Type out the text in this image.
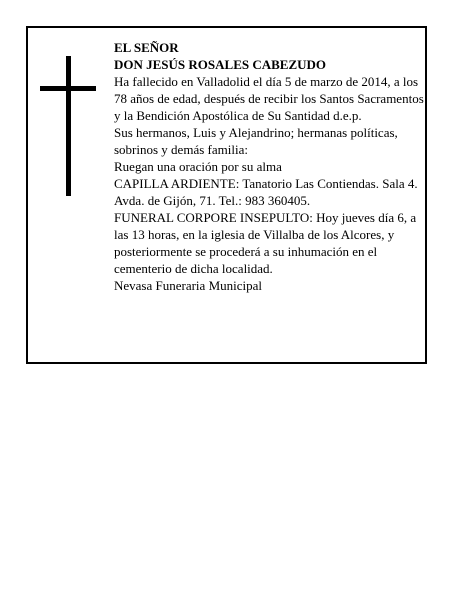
EL SEÑOR

DON JESÚS ROSALES CABEZUDO

Ha fallecido en Valladolid el día 5 de marzo de 2014, a los 78 años de edad, después de recibir los Santos Sacramentos y la Bendición Apostólica de Su Santidad d.e.p.

Sus hermanos, Luis y Alejandrino; hermanas políticas, sobrinos y demás familia:

Ruegan una oración por su alma

CAPILLA ARDIENTE: Tanatorio Las Contiendas. Sala 4. Avda. de Gijón, 71. Tel.: 983 360405.

FUNERAL CORPORE INSEPULTO: Hoy jueves día 6, a las 13 horas, en la iglesia de Villalba de los Alcores, y posteriormente se procederá a su inhumación en el cementerio de dicha localidad.

Nevasa Funeraria Municipal
